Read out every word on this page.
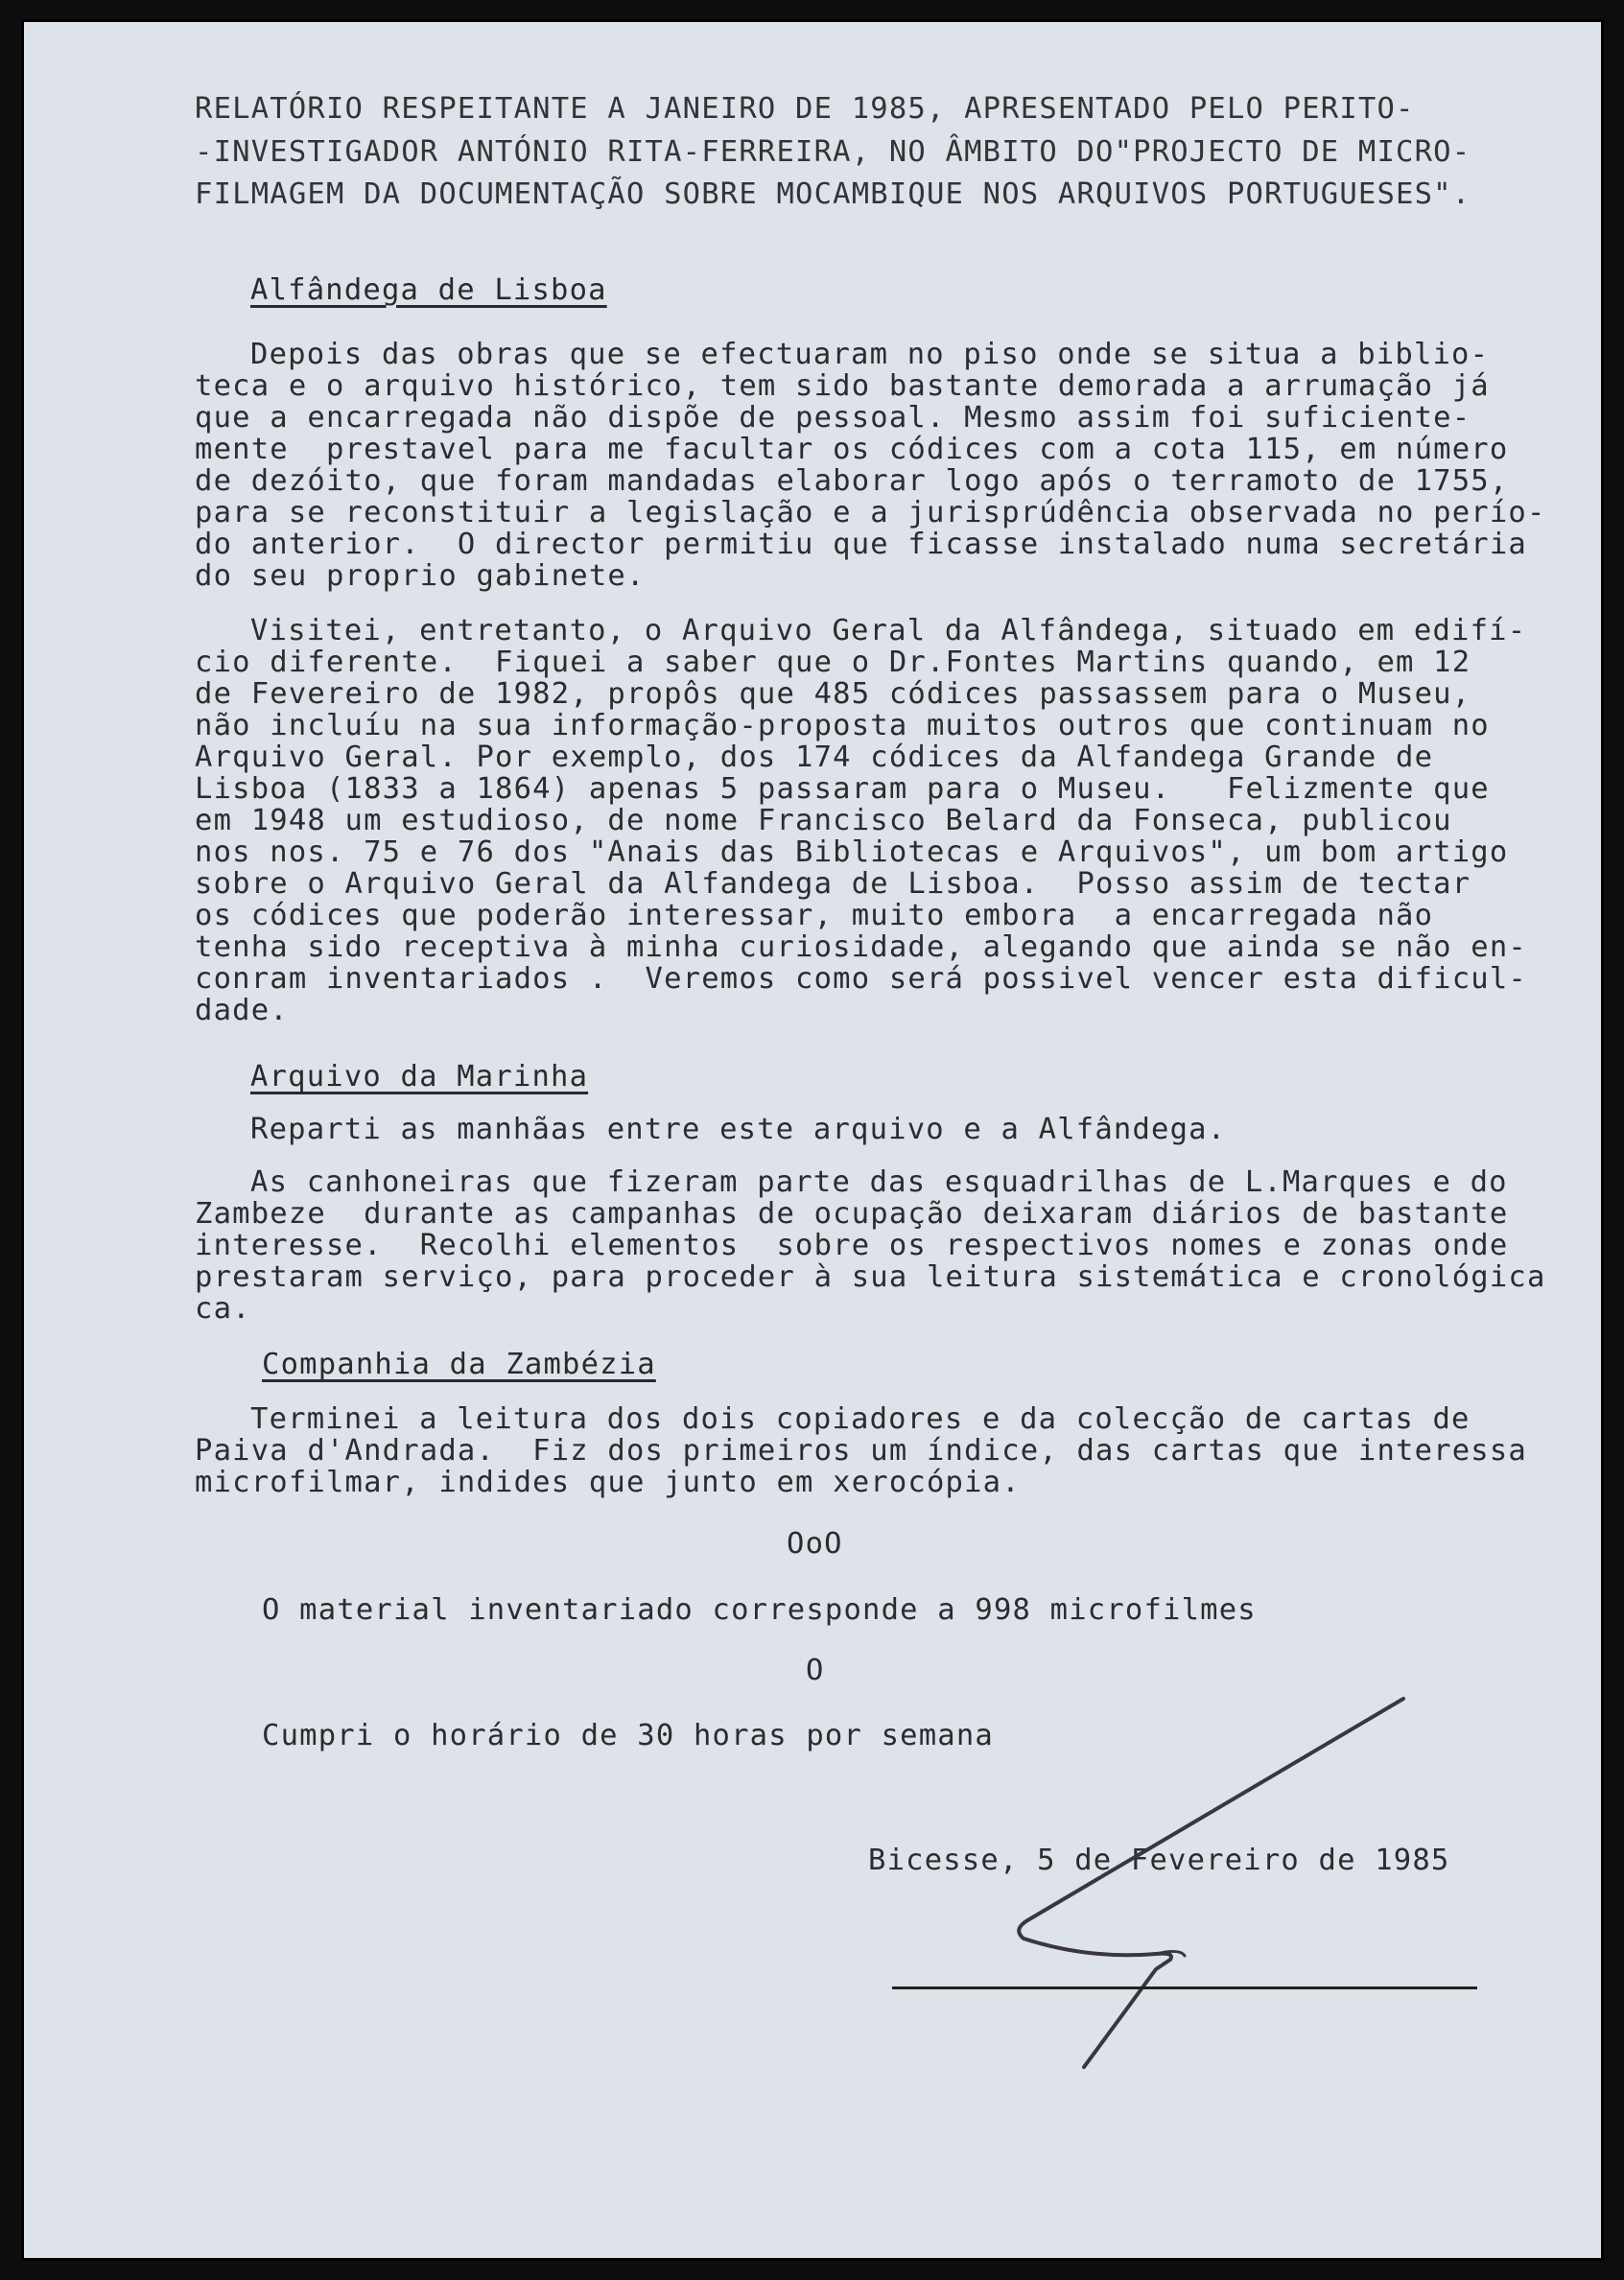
RELATÓRIO RESPEITANTE A JANEIRO DE 1985, APRESENTADO PELO PERITO-
-INVESTIGADOR ANTÓNIO RITA-FERREIRA, NO ÂMBITO DO"PROJECTO DE MICRO-
FILMAGEM DA DOCUMENTAÇÃO SOBRE MOCAMBIQUE NOS ARQUIVOS PORTUGUESES".
Alfândega de Lisboa
Depois das obras que se efectuaram no piso onde se situa a biblio-
teca e o arquivo histórico, tem sido bastante demorada a arrumação já
que a encarregada não dispõe de pessoal. Mesmo assim foi suficiente-
mente  prestavel para me facultar os códices com a cota 115, em número
de dezóito, que foram mandadas elaborar logo após o terramoto de 1755,
para se reconstituir a legislação e a jurisprúdência observada no perío-
do anterior.  O director permitiu que ficasse instalado numa secretária
do seu proprio gabinete.
Visitei, entretanto, o Arquivo Geral da Alfândega, situado em edifí-
cio diferente.  Fiquei a saber que o Dr.Fontes Martins quando, em 12
de Fevereiro de 1982, propôs que 485 códices passassem para o Museu,
não incluíu na sua informação-proposta muitos outros que continuam no
Arquivo Geral. Por exemplo, dos 174 códices da Alfandega Grande de
Lisboa (1833 a 1864) apenas 5 passaram para o Museu.   Felizmente que
em 1948 um estudioso, de nome Francisco Belard da Fonseca, publicou
nos nos. 75 e 76 dos "Anais das Bibliotecas e Arquivos", um bom artigo
sobre o Arquivo Geral da Alfandega de Lisboa.  Posso assim de tectar
os códices que poderão interessar, muito embora  a encarregada não
tenha sido receptiva à minha curiosidade, alegando que ainda se não en-
conram inventariados .  Veremos como será possivel vencer esta dificul-
dade.
Arquivo da Marinha
Reparti as manhãas entre este arquivo e a Alfândega.
As canhoneiras que fizeram parte das esquadrilhas de L.Marques e do
Zambeze  durante as campanhas de ocupação deixaram diários de bastante
interesse.  Recolhi elementos  sobre os respectivos nomes e zonas onde
prestaram serviço, para proceder à sua leitura sistemática e cronológica
ca.
Companhia da Zambézia
Terminei a leitura dos dois copiadores e da colecção de cartas de
Paiva d'Andrada.  Fiz dos primeiros um índice, das cartas que interessa
microfilmar, indides que junto em xerocópia.
OoO
O material inventariado corresponde a 998 microfilmes
O
Cumpri o horário de 30 horas por semana
Bicesse, 5 de Fevereiro de 1985
